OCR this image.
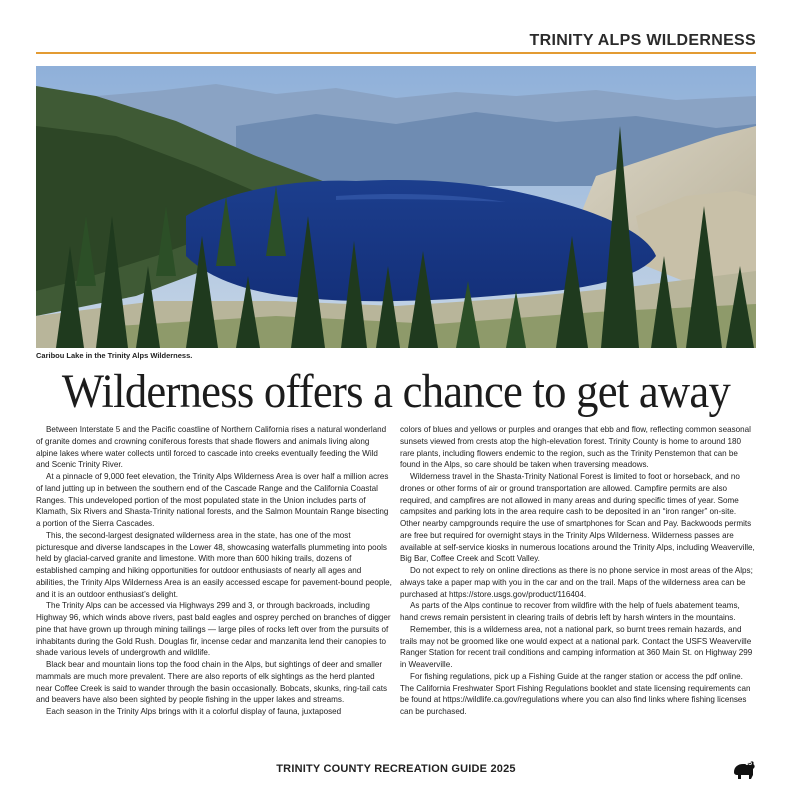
TRINITY ALPS WILDERNESS
Caribou Lake in the Trinity Alps Wilderness.
Wilderness offers a chance to get away

Between Interstate 5 and the Pacific coastline of Northern California rises a natural wonderland of granite domes and crowning coniferous forests that shade flowers and animals living along alpine lakes where water collects until forced to cascade into creeks eventually feeding the Wild and Scenic Trinity River.

At a pinnacle of 9,000 feet elevation, the Trinity Alps Wilderness Area is over half a million acres of land jutting up in between the southern end of the Cascade Range and the California Coastal Ranges. This undeveloped portion of the most populated state in the Union includes parts of Klamath, Six Rivers and Shasta-Trinity national forests, and the Salmon Mountain Range bisecting a portion of the Sierra Cascades.

This, the second-largest designated wilderness area in the state, has one of the most picturesque and diverse landscapes in the Lower 48, showcasing waterfalls plummeting into pools held by glacial-carved granite and limestone. With more than 600 hiking trails, dozens of established camping and hiking opportunities for outdoor enthusiasts of nearly all ages and abilities, the Trinity Alps Wilderness Area is an easily accessed escape for pavement-bound people, and it is an outdoor enthusiast’s delight.

The Trinity Alps can be accessed via Highways 299 and 3, or through backroads, including Highway 96, which winds above rivers, past bald eagles and osprey perched on branches of digger pine that have grown up through mining tailings — large piles of rocks left over from the pursuits of inhabitants during the Gold Rush. Douglas fir, incense cedar and manzanita lend their canopies to shade various levels of undergrowth and wildlife.

Black bear and mountain lions top the food chain in the Alps, but sightings of deer and smaller mammals are much more prevalent. There are also reports of elk sightings as the herd planted near Coffee Creek is said to wander through the basin occasionally. Bobcats, skunks, ring-tail cats and beavers have also been sighted by people fishing in the upper lakes and streams.

Each season in the Trinity Alps brings with it a colorful display of fauna, juxtaposed

colors of blues and yellows or purples and oranges that ebb and flow, reflecting common seasonal sunsets viewed from crests atop the high-elevation forest. Trinity County is home to around 180 rare plants, including flowers endemic to the region, such as the Trinity Penstemon that can be found in the Alps, so care should be taken when traversing meadows.

Wilderness travel in the Shasta-Trinity National Forest is limited to foot or horseback, and no drones or other forms of air or ground transportation are allowed. Campfire permits are also required, and campfires are not allowed in many areas and during specific times of year. Some campsites and parking lots in the area require cash to be deposited in an “iron ranger” on-site. Other nearby campgrounds require the use of smartphones for Scan and Pay. Backwoods permits are free but required for overnight stays in the Trinity Alps Wilderness. Wilderness passes are available at self-service kiosks in numerous locations around the Trinity Alps, including Weaverville, Big Bar, Coffee Creek and Scott Valley.

Do not expect to rely on online directions as there is no phone service in most areas of the Alps; always take a paper map with you in the car and on the trail. Maps of the wilderness area can be purchased at https://store.usgs.gov/product/116404.

As parts of the Alps continue to recover from wildfire with the help of fuels abatement teams, hand crews remain persistent in clearing trails of debris left by harsh winters in the mountains.

Remember, this is a wilderness area, not a national park, so burnt trees remain hazards, and trails may not be groomed like one would expect at a national park. Contact the USFS Weaverville Ranger Station for recent trail conditions and camping information at 360 Main St. on Highway 299 in Weaverville.

For fishing regulations, pick up a Fishing Guide at the ranger station or access the pdf online. The California Freshwater Sport Fishing Regulations booklet and state licensing requirements can be found at https://wildlife.ca.gov/regulations where you can also find links where fishing licenses can be purchased.

TRINITY COUNTY RECREATION GUIDE 2025	35
